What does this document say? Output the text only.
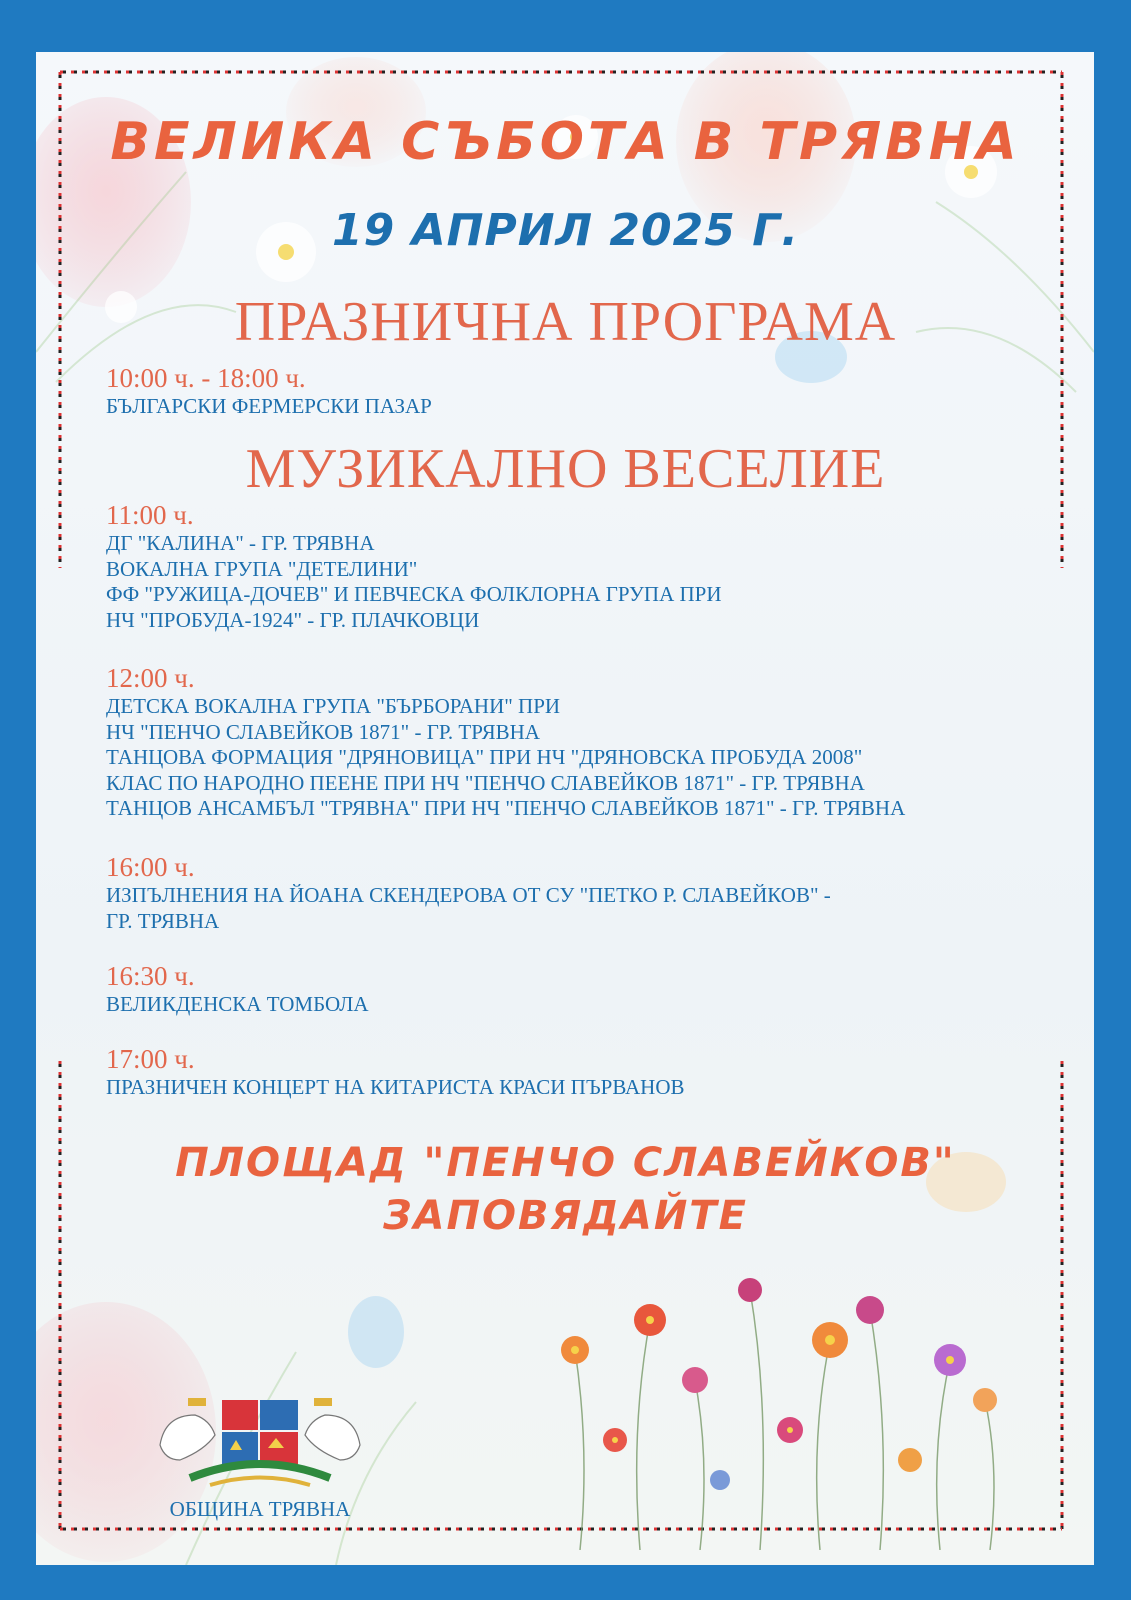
ВЕЛИКА СЪБОТА В ТРЯВНА
19 АПРИЛ 2025 Г.
ПРАЗНИЧНА ПРОГРАМА
10:00 ч. - 18:00 ч.
БЪЛГАРСКИ ФЕРМЕРСКИ ПАЗАР
МУЗИКАЛНО ВЕСЕЛИЕ
11:00 ч.
ДГ "КАЛИНА" - ГР. ТРЯВНА
ВОКАЛНА ГРУПА "ДЕТЕЛИНИ"
ФФ "РУЖИЦА-ДОЧЕВ" И ПЕВЧЕСКА ФОЛКЛОРНА ГРУПА ПРИ
НЧ "ПРОБУДА-1924" - ГР. ПЛАЧКОВЦИ
12:00 ч.
ДЕТСКА ВОКАЛНА ГРУПА "БЪРБОРАНИ" ПРИ
НЧ "ПЕНЧО СЛАВЕЙКОВ 1871" - ГР. ТРЯВНА
ТАНЦОВА ФОРМАЦИЯ "ДРЯНОВИЦА" ПРИ НЧ "ДРЯНОВСКА ПРОБУДА 2008"
КЛАС ПО НАРОДНО ПЕЕНЕ ПРИ НЧ "ПЕНЧО СЛАВЕЙКОВ 1871" - ГР. ТРЯВНА
ТАНЦОВ АНСАМБЪЛ "ТРЯВНА" ПРИ НЧ "ПЕНЧО СЛАВЕЙКОВ 1871" - ГР. ТРЯВНА
16:00 ч.
ИЗПЪЛНЕНИЯ НА ЙОАНА СКЕНДЕРОВА ОТ СУ "ПЕТКО Р. СЛАВЕЙКОВ" -
ГР. ТРЯВНА
16:30 ч.
ВЕЛИКДЕНСКА ТОМБОЛА
17:00 ч.
ПРАЗНИЧЕН КОНЦЕРТ НА КИТАРИСТА КРАСИ ПЪРВАНОВ
ПЛОЩАД "ПЕНЧО СЛАВЕЙКОВ"
ЗАПОВЯДАЙТЕ
ОБЩИНА ТРЯВНА
